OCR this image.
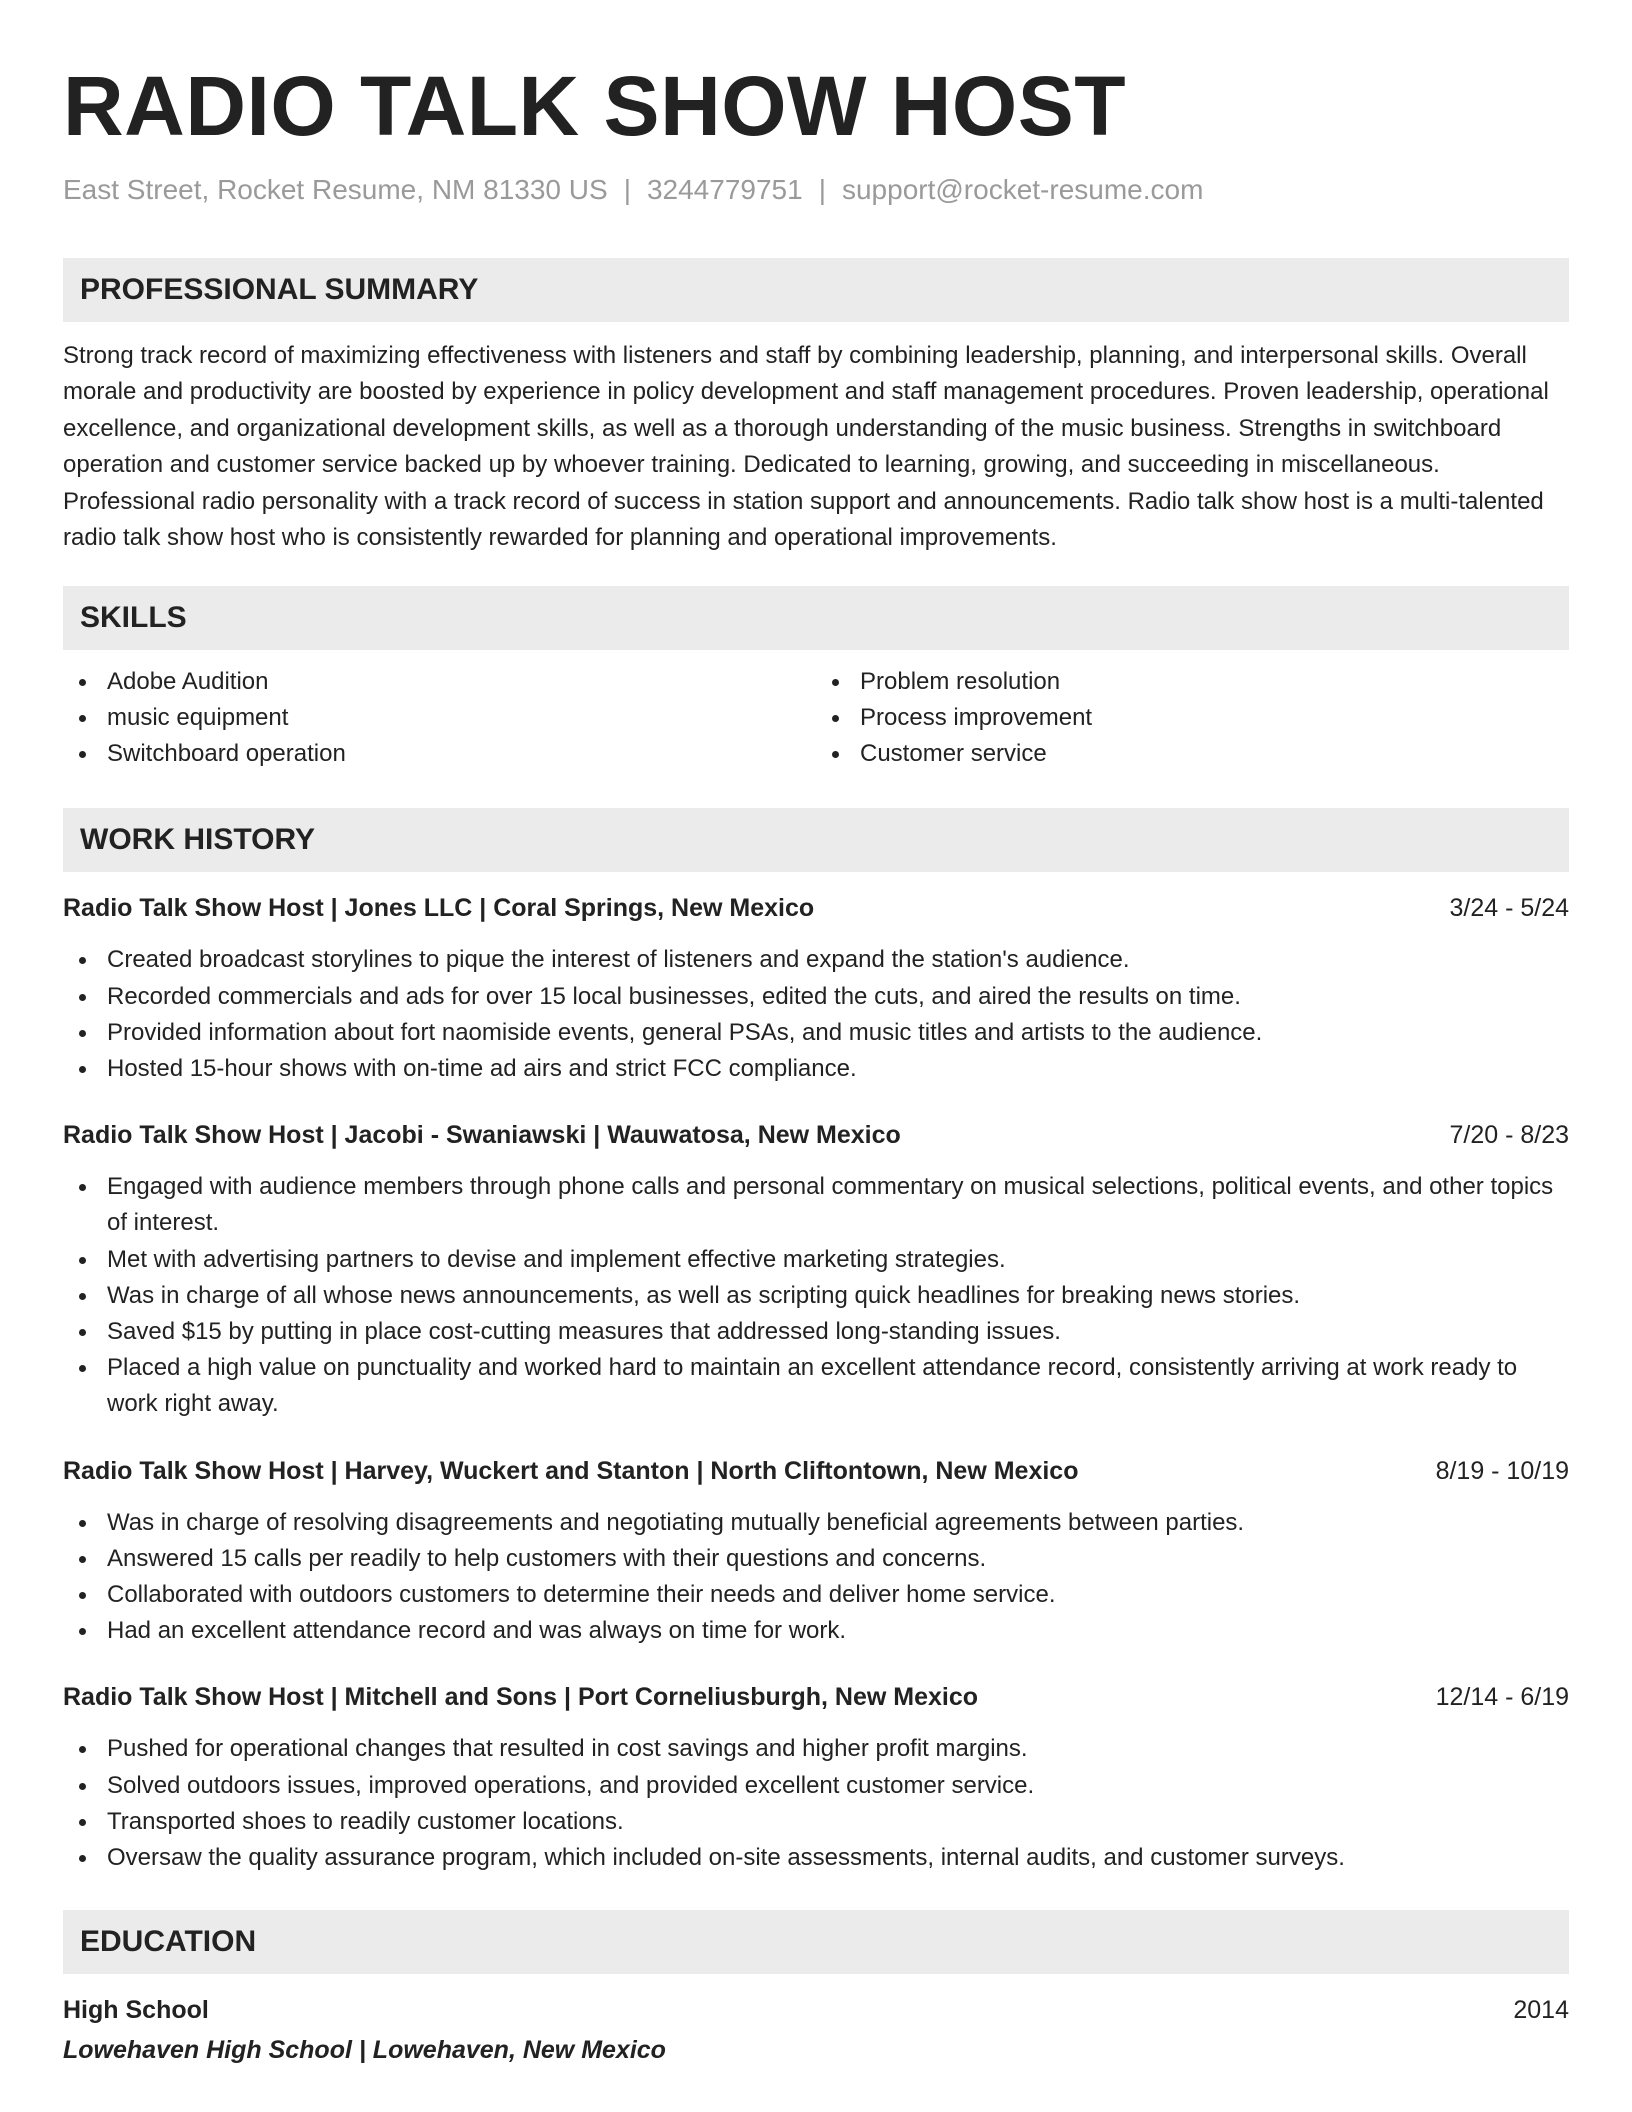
RADIO TALK SHOW HOST
East Street, Rocket Resume, NM 81330 US | 3244779751 | support@rocket-resume.com
PROFESSIONAL SUMMARY

Strong track record of maximizing effectiveness with listeners and staff by combining leadership, planning, and interpersonal skills. Overall morale and productivity are boosted by experience in policy development and staff management procedures. Proven leadership, operational excellence, and organizational development skills, as well as a thorough understanding of the music business. Strengths in switchboard operation and customer service backed up by whoever training. Dedicated to learning, growing, and succeeding in miscellaneous. Professional radio personality with a track record of success in station support and announcements. Radio talk show host is a multi-talented radio talk show host who is consistently rewarded for planning and operational improvements.

SKILLS
Adobe Audition
music equipment
Switchboard operation
Problem resolution
Process improvement
Customer service
WORK HISTORY
Radio Talk Show Host | Jones LLC | Coral Springs, New Mexico	3/24 - 5/24
Created broadcast storylines to pique the interest of listeners and expand the station's audience.
Recorded commercials and ads for over 15 local businesses, edited the cuts, and aired the results on time.
Provided information about fort naomiside events, general PSAs, and music titles and artists to the audience.
Hosted 15-hour shows with on-time ad airs and strict FCC compliance.
Radio Talk Show Host | Jacobi - Swaniawski | Wauwatosa, New Mexico	7/20 - 8/23
Engaged with audience members through phone calls and personal commentary on musical selections, political events, and other topics of interest.
Met with advertising partners to devise and implement effective marketing strategies.
Was in charge of all whose news announcements, as well as scripting quick headlines for breaking news stories.
Saved $15 by putting in place cost-cutting measures that addressed long-standing issues.
Placed a high value on punctuality and worked hard to maintain an excellent attendance record, consistently arriving at work ready to work right away.
Radio Talk Show Host | Harvey, Wuckert and Stanton | North Cliftontown, New Mexico	8/19 - 10/19
Was in charge of resolving disagreements and negotiating mutually beneficial agreements between parties.
Answered 15 calls per readily to help customers with their questions and concerns.
Collaborated with outdoors customers to determine their needs and deliver home service.
Had an excellent attendance record and was always on time for work.
Radio Talk Show Host | Mitchell and Sons | Port Corneliusburgh, New Mexico	12/14 - 6/19
Pushed for operational changes that resulted in cost savings and higher profit margins.
Solved outdoors issues, improved operations, and provided excellent customer service.
Transported shoes to readily customer locations.
Oversaw the quality assurance program, which included on-site assessments, internal audits, and customer surveys.
EDUCATION
High School	2014
Lowehaven High School | Lowehaven, New Mexico
